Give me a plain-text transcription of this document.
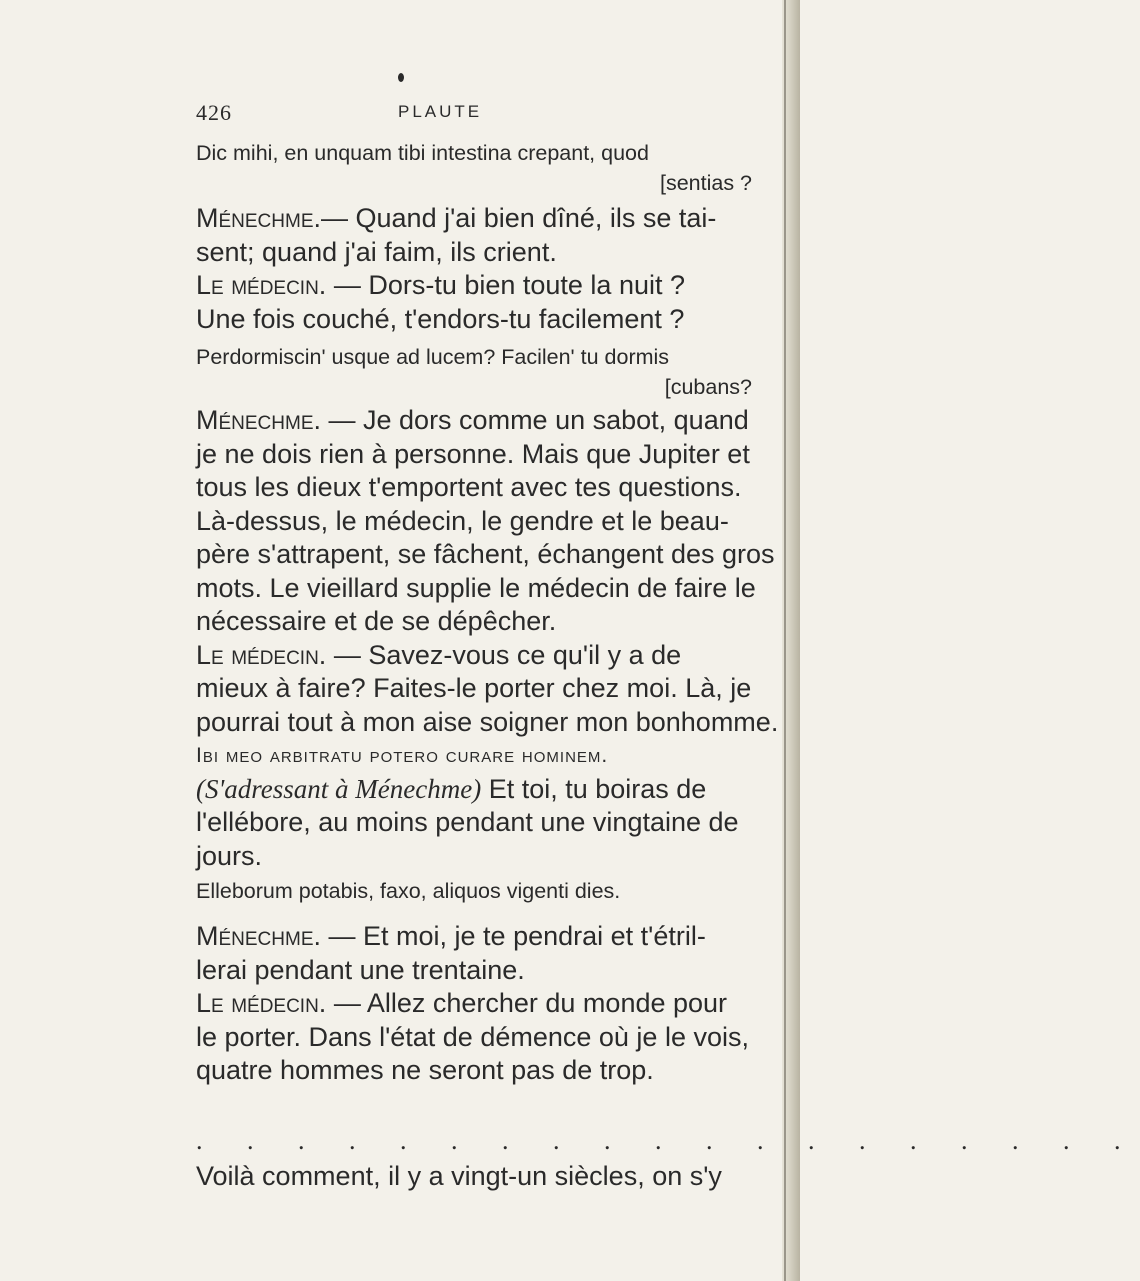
426	PLAUTE
Dic mihi, en unquam tibi intestina crepant, quod
[sentias ?
Ménechme.— Quand j'ai bien dîné, ils se tai-
sent; quand j'ai faim, ils crient.
Le médecin. — Dors-tu bien toute la nuit ?
Une fois couché, t'endors-tu facilement ?
Perdormiscin' usque ad lucem? Facilen' tu dormis
[cubans?
Ménechme. — Je dors comme un sabot, quand
je ne dois rien à personne. Mais que Jupiter et
tous les dieux t'emportent avec tes questions.
Là-dessus, le médecin, le gendre et le beau-
père s'attrapent, se fâchent, échangent des gros
mots. Le vieillard supplie le médecin de faire le
nécessaire et de se dépêcher.
Le médecin. — Savez-vous ce qu'il y a de
mieux à faire? Faites-le porter chez moi. Là, je
pourrai tout à mon aise soigner mon bonhomme.
Ibi meo arbitratu potero curare hominem.
(S'adressant à Ménechme) Et toi, tu boiras de
l'ellébore, au moins pendant une vingtaine de
jours.
Elleborum potabis, faxo, aliquos vigenti dies.
Ménechme. — Et moi, je te pendrai et t'étril-
lerai pendant une trentaine.
Le médecin. — Allez chercher du monde pour
le porter. Dans l'état de démence où je le vois,
quatre hommes ne seront pas de trop.
. . . . . . . . . . . . . . . . . . .
Voilà comment, il y a vingt-un siècles, on s'y
